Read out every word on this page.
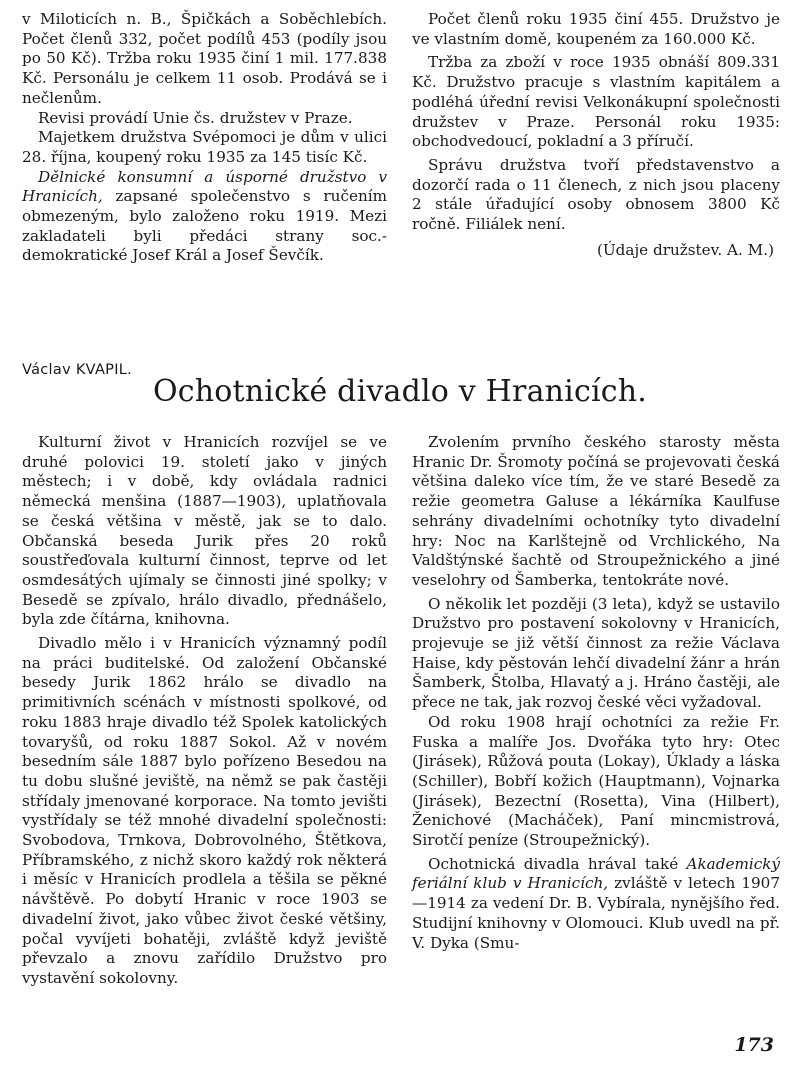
v Miloticích n. B., Špičkách a Soběchlebích. Počet členů 332, počet podílů 453 (podíly jsou po 50 Kč). Tržba roku 1935 činí 1 mil. 177.838 Kč. Personálu je celkem 11 osob. Prodává se i nečlenům.

Revisi provádí Unie čs. družstev v Praze.

Majetkem družstva Svépomoci je dům v ulici 28. října, koupený roku 1935 za 145 tisíc Kč.

Dělnické konsumní a úsporné družstvo v Hranicích, zapsané společenstvo s ručením obmezeným, bylo založeno roku 1919. Mezi zakladateli byli předáci strany soc.-demokratické Josef Král a Josef Ševčík.

Počet členů roku 1935 činí 455. Družstvo je ve vlastním domě, koupeném za 160.000 Kč.

Tržba za zboží v roce 1935 obnáší 809.331 Kč. Družstvo pracuje s vlastním kapitálem a podléhá úřední revisi Velkonákupní společnosti družstev v Praze. Personál roku 1935: obchodvedoucí, pokladní a 3 příručí.

Správu družstva tvoří představenstvo a dozorčí rada o 11 členech, z nich jsou placeny 2 stále úřadující osoby obnosem 3800 Kč ročně. Filiálek není.

(Údaje družstev. A. M.)

Václav KVAPIL.
Ochotnické divadlo v Hranicích.

Kulturní život v Hranicích rozvíjel se ve druhé polovici 19. století jako v jiných městech; i v době, kdy ovládala radnici německá menšina (1887—1903), uplatňovala se česká většina v městě, jak se to dalo. Občanská beseda Jurik přes 20 roků soustřeďovala kulturní činnost, teprve od let osmdesátých ujímaly se činnosti jiné spolky; v Besedě se zpívalo, hrálo divadlo, přednášelo, byla zde čítárna, knihovna.

Divadlo mělo i v Hranicích významný podíl na práci buditelské. Od založení Občanské besedy Jurik 1862 hrálo se divadlo na primitivních scénách v místnosti spolkové, od roku 1883 hraje divadlo též Spolek katolických tovaryšů, od roku 1887 Sokol. Až v novém besedním sále 1887 bylo pořízeno Besedou na tu dobu slušné jeviště, na němž se pak častěji střídaly jmenované korporace. Na tomto jevišti vystřídaly se též mnohé divadelní společnosti: Svobodova, Trnkova, Dobrovolného, Štětkova, Příbramského, z nichž skoro každý rok některá i měsíc v Hranicích prodlela a těšila se pěkné návštěvě. Po dobytí Hranic v roce 1903 se divadelní život, jako vůbec život české většiny, počal vyvíjeti bohatěji, zvláště když jeviště převzalo a znovu zařídilo Družstvo pro vystavění sokolovny.

Zvolením prvního českého starosty města Hranic Dr. Šromoty počíná se projevovati česká většina daleko více tím, že ve staré Besedě za režie geometra Galuse a lékárníka Kaulfuse sehrány divadelními ochotníky tyto divadelní hry: Noc na Karlštejně od Vrchlického, Na Valdštýnské šachtě od Stroupežnického a jiné veselohry od Šamberka, tentokráte nové.

O několik let později (3 leta), když se ustavilo Družstvo pro postavení sokolovny v Hranicích, projevuje se již větší činnost za režie Václava Haise, kdy pěstován lehčí divadelní žánr a hrán Šamberk, Štolba, Hlavatý a j. Hráno častěji, ale přece ne tak, jak rozvoj české věci vyžadoval.

Od roku 1908 hrají ochotníci za režie Fr. Fuska a malíře Jos. Dvořáka tyto hry: Otec (Jirásek), Růžová pouta (Lokay), Úklady a láska (Schiller), Bobří kožich (Hauptmann), Vojnarka (Jirásek), Bezectní (Rosetta), Vina (Hilbert), Ženichové (Macháček), Paní mincmistrová, Sirotčí peníze (Stroupežnický).

Ochotnická divadla hrával také Akademický feriální klub v Hranicích, zvláště v letech 1907—1914 za vedení Dr. B. Vybírala, nynějšího řed. Studijní knihovny v Olomouci. Klub uvedl na př. V. Dyka (Smu-

173
